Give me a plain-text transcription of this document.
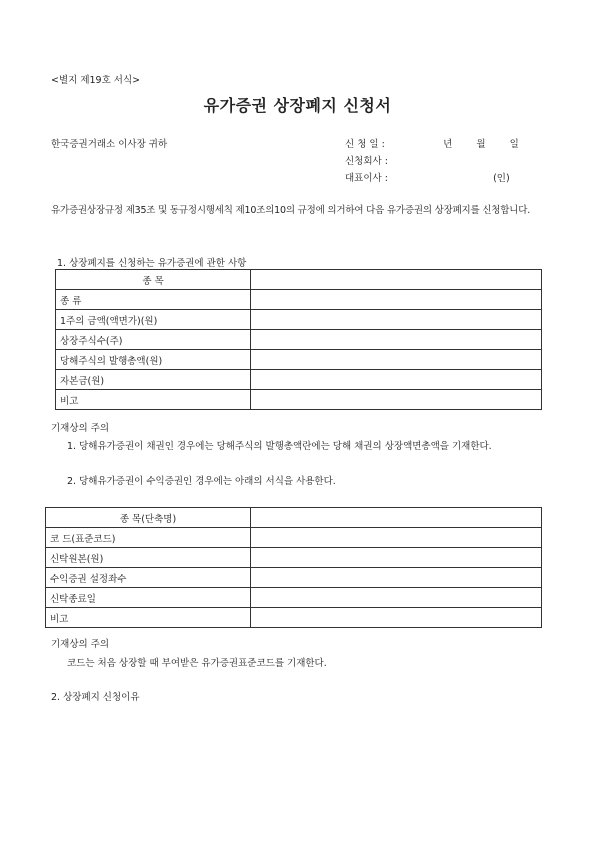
<별지 제19호 서식>
유가증권 상장폐지 신청서
한국증권거래소 이사장 귀하	신 청 일 :	년	월	일
신청회사 :
대표이사 :	(인)
유가증권상장규정 제35조 및 동규정시행세칙 제10조의10의 규정에 의거하여 다음 유가증권의 상장폐지를 신청합니다.
1. 상장폐지를 신청하는 유가증권에 관한 사항
종 목	
종 류	
1주의 금액(액면가)(원)	
상장주식수(주)	
당해주식의 발행총액(원)	
자본금(원)	
비고	
기재상의 주의
1. 당해유가증권이 채권인 경우에는 당해주식의 발행총액란에는 당해 채권의 상장액면총액을 기재한다.
2. 당해유가증권이 수익증권인 경우에는 아래의 서식을 사용한다.
종 목(단축명)	
코 드(표준코드)	
신탁원본(원)	
수익증권 설정좌수	
신탁종료일	
비고	
기재상의 주의
코드는 처음 상장할 때 부여받은 유가증권표준코드를 기재한다.
2. 상장폐지 신청이유
